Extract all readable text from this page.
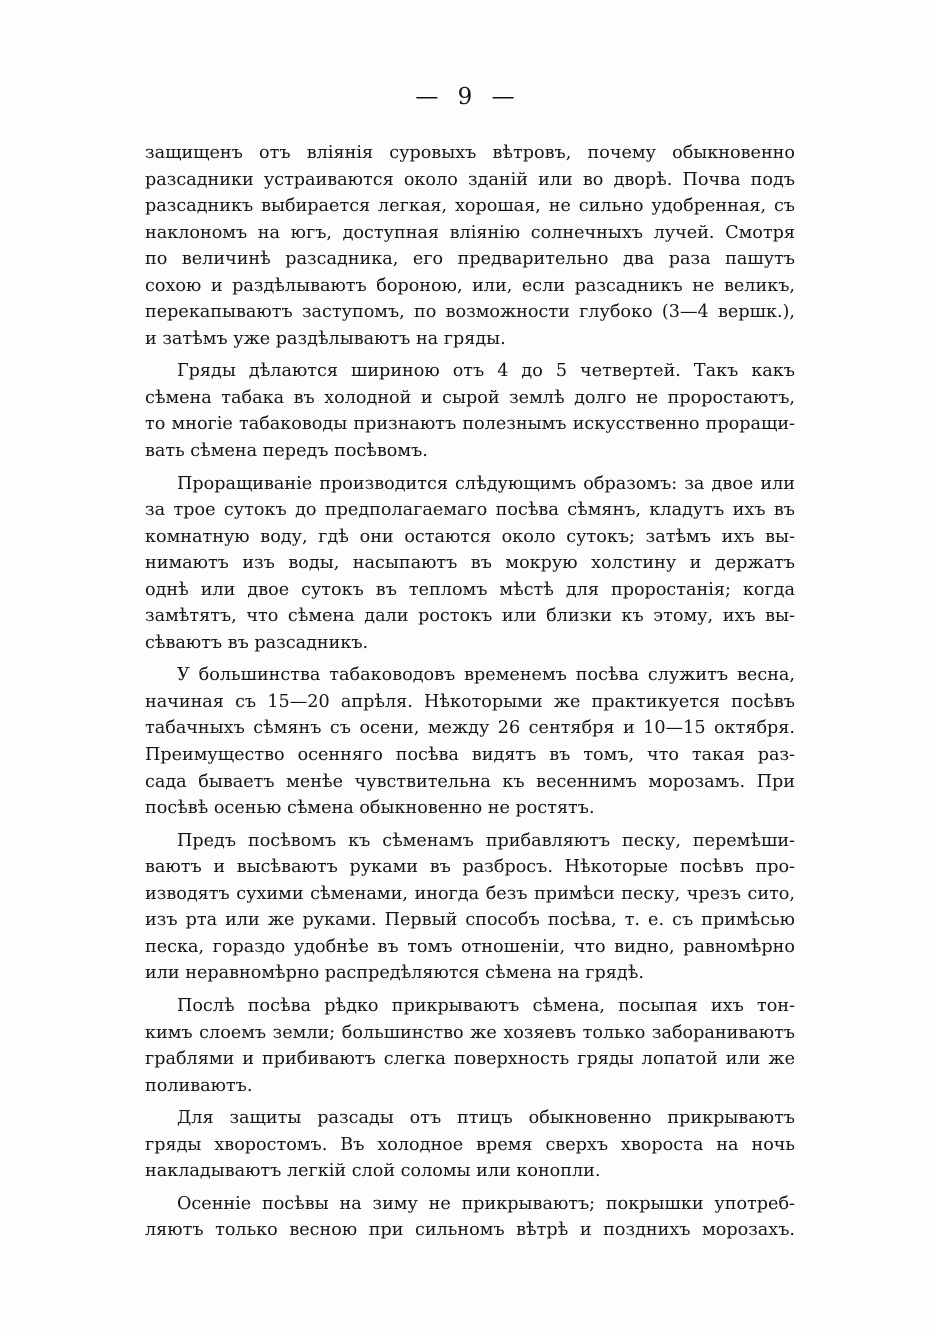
— 9 —
защищенъ отъ влiянiя суровыхъ вѣтровъ, почему обыкновенно
разсадники устраиваются около зданiй или во дворѣ. Почва подъ
разсадникъ выбирается легкая, хорошая, не сильно удобренная, съ
наклономъ на югъ, доступная влiянiю солнечныхъ лучей. Смотря
по величинѣ разсадника, его предварительно два раза пашутъ
сохою и раздѣлываютъ бороною, или, если разсадникъ не великъ,
перекапываютъ заступомъ, по возможности глубоко (3—4 вершк.),
и затѣмъ уже раздѣлываютъ на гряды.
Гряды дѣлаются шириною отъ 4 до 5 четвертей. Такъ какъ
сѣмена табака въ холодной и сырой землѣ долго не проростаютъ,
то многiе табаководы признаютъ полезнымъ искусственно проращи-
вать сѣмена передъ посѣвомъ.
Проращиванiе производится слѣдующимъ образомъ: за двое или
за трое сутокъ до предполагаемаго посѣва сѣмянъ, кладутъ ихъ въ
комнатную воду, гдѣ они остаются около сутокъ; затѣмъ ихъ вы-
нимаютъ изъ воды, насыпаютъ въ мокрую холстину и держатъ
однѣ или двое сутокъ въ тепломъ мѣстѣ для проростанiя; когда
замѣтятъ, что сѣмена дали ростокъ или близки къ этому, ихъ вы-
сѣваютъ въ разсадникъ.
У большинства табаководовъ временемъ посѣва служитъ весна,
начиная съ 15—20 апрѣля. Нѣкоторыми же практикуется посѣвъ
табачныхъ сѣмянъ съ осени, между 26 сентября и 10—15 октября.
Преимущество осенняго посѣва видятъ въ томъ, что такая раз-
сада бываетъ менѣе чувствительна къ весеннимъ морозамъ. При
посѣвѣ осенью сѣмена обыкновенно не ростятъ.
Предъ посѣвомъ къ сѣменамъ прибавляютъ песку, перемѣши-
ваютъ и высѣваютъ руками въ разбросъ. Нѣкоторые посѣвъ про-
изводятъ сухими сѣменами, иногда безъ примѣси песку, чрезъ сито,
изъ рта или же руками. Первый способъ посѣва, т. е. съ примѣсью
песка, гораздо удобнѣе въ томъ отношенiи, что видно, равномѣрно
или неравномѣрно распредѣляются сѣмена на грядѣ.
Послѣ посѣва рѣдко прикрываютъ сѣмена, посыпая ихъ тон-
кимъ слоемъ земли; большинство же хозяевъ только забораниваютъ
граблями и прибиваютъ слегка поверхность гряды лопатой или же
поливаютъ.
Для защиты разсады отъ птицъ обыкновенно прикрываютъ
гряды хворостомъ. Въ холодное время сверхъ хвороста на ночь
накладываютъ легкiй слой соломы или конопли.
Осеннiе посѣвы на зиму не прикрываютъ; покрышки употреб-
ляютъ только весною при сильномъ вѣтрѣ и позднихъ морозахъ.
